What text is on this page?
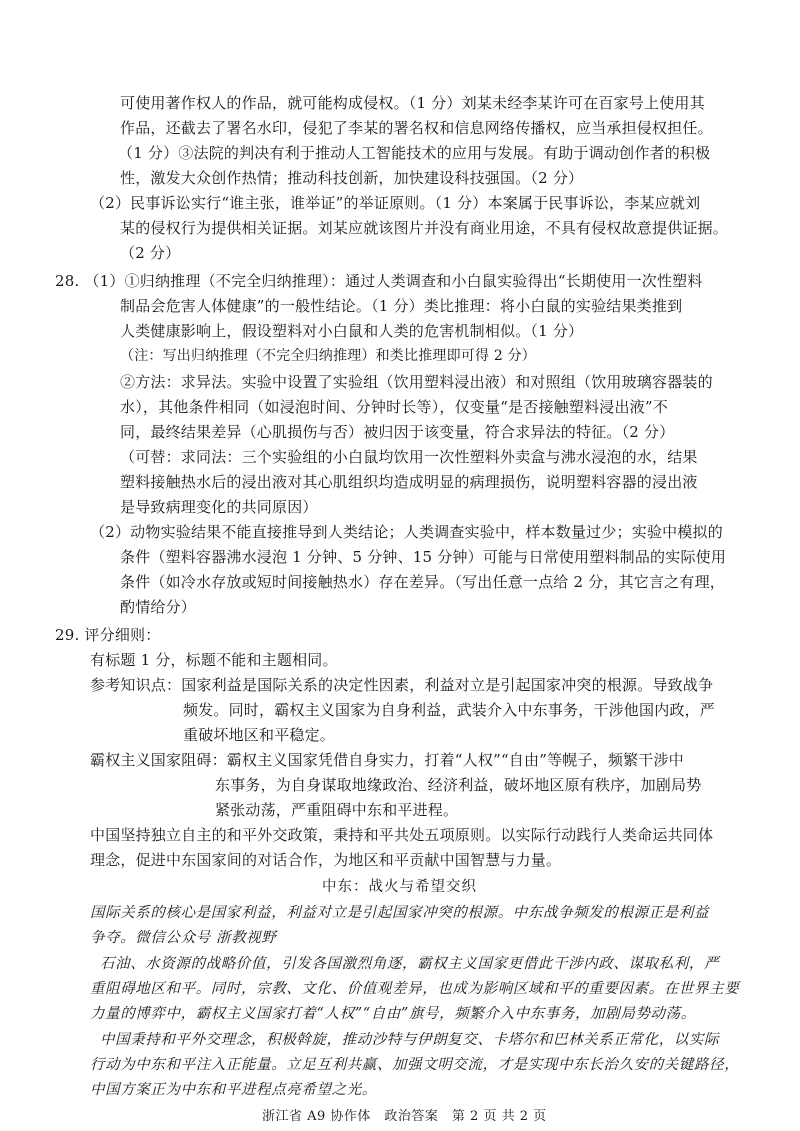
可使用著作权人的作品，就可能构成侵权。（1 分）刘某未经李某许可在百家号上使用其
作品，还截去了署名水印，侵犯了李某的署名权和信息网络传播权，应当承担侵权担任。
（1 分）③法院的判决有利于推动人工智能技术的应用与发展。有助于调动创作者的积极
性，激发大众创作热情；推动科技创新，加快建设科技强国。（2 分）
（2）民事诉讼实行“谁主张，谁举证”的举证原则。（1 分）本案属于民事诉讼，李某应就刘
某的侵权行为提供相关证据。刘某应就该图片并没有商业用途，不具有侵权故意提供证据。
（2 分）
28. （1）①归纳推理（不完全归纳推理）：通过人类调查和小白鼠实验得出“长期使用一次性塑料
制品会危害人体健康”的一般性结论。（1 分）类比推理：将小白鼠的实验结果类推到
人类健康影响上，假设塑料对小白鼠和人类的危害机制相似。（1 分）
（注：写出归纳推理（不完全归纳推理）和类比推理即可得 2 分）
②方法：求异法。实验中设置了实验组（饮用塑料浸出液）和对照组（饮用玻璃容器装的
水），其他条件相同（如浸泡时间、分钟时长等），仅变量“是否接触塑料浸出液”不
同，最终结果差异（心肌损伤与否）被归因于该变量，符合求异法的特征。（2 分）
（可替：求同法：三个实验组的小白鼠均饮用一次性塑料外卖盒与沸水浸泡的水，结果
塑料接触热水后的浸出液对其心肌组织均造成明显的病理损伤，说明塑料容器的浸出液
是导致病理变化的共同原因）
（2）动物实验结果不能直接推导到人类结论；人类调查实验中，样本数量过少；实验中模拟的
条件（塑料容器沸水浸泡 1 分钟、5 分钟、15 分钟）可能与日常使用塑料制品的实际使用
条件（如冷水存放或短时间接触热水）存在差异。（写出任意一点给 2 分，其它言之有理，
酌情给分）
29. 评分细则：
有标题 1 分，标题不能和主题相同。
参考知识点：国家利益是国际关系的决定性因素，利益对立是引起国家冲突的根源。导致战争
频发。同时，霸权主义国家为自身利益，武装介入中东事务，干涉他国内政，严
重破坏地区和平稳定。
霸权主义国家阻碍：霸权主义国家凭借自身实力，打着“人权”“自由”等幌子，频繁干涉中
东事务，为自身谋取地缘政治、经济利益，破坏地区原有秩序，加剧局势
紧张动荡，严重阻碍中东和平进程。
中国坚持独立自主的和平外交政策，秉持和平共处五项原则。以实际行动践行人类命运共同体
理念，促进中东国家间的对话合作，为地区和平贡献中国智慧与力量。
中东：战火与希望交织
国际关系的核心是国家利益，利益对立是引起国家冲突的根源。中东战争频发的根源正是利益
争夺。微信公众号 浙教视野
石油、水资源的战略价值，引发各国激烈角逐，霸权主义国家更借此干涉内政、谋取私利，严
重阻碍地区和平。同时，宗教、文化、价值观差异，也成为影响区域和平的重要因素。在世界主要
力量的博弈中，霸权主义国家打着“人权”“自由”旗号，频繁介入中东事务，加剧局势动荡。
中国秉持和平外交理念，积极斡旋，推动沙特与伊朗复交、卡塔尔和巴林关系正常化，以实际
行动为中东和平注入正能量。立足互利共赢、加强文明交流，才是实现中东长治久安的关键路径，
中国方案正为中东和平进程点亮希望之光。
浙江省 A9 协作体　政治答案　第 2 页 共 2 页
